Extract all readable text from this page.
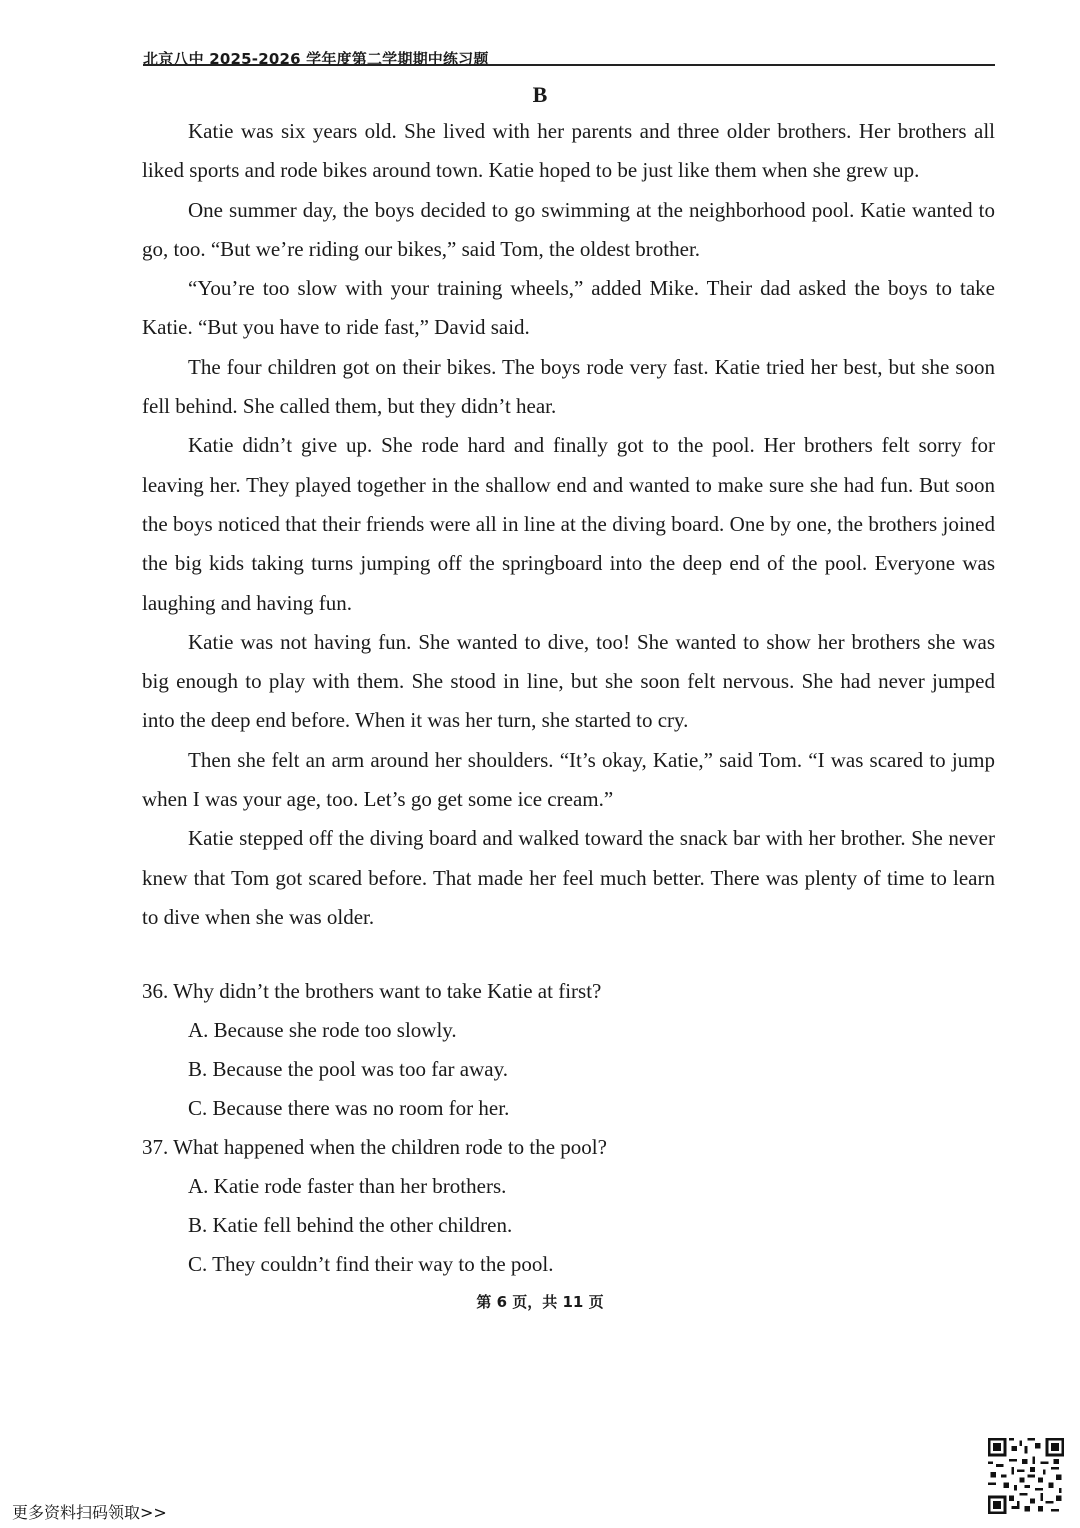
北京八中 2025-2026 学年度第二学期期中练习题
B

Katie was six years old. She lived with her parents and three older brothers. Her brothers all liked sports and rode bikes around town. Katie hoped to be just like them when she grew up.

One summer day, the boys decided to go swimming at the neighborhood pool. Katie wanted to go, too. “But we’re riding our bikes,” said Tom, the oldest brother.

“You’re too slow with your training wheels,” added Mike. Their dad asked the boys to take Katie. “But you have to ride fast,” David said.

The four children got on their bikes. The boys rode very fast. Katie tried her best, but she soon fell behind. She called them, but they didn’t hear.

Katie didn’t give up. She rode hard and finally got to the pool. Her brothers felt sorry for leaving her. They played together in the shallow end and wanted to make sure she had fun. But soon the boys noticed that their friends were all in line at the diving board. One by one, the brothers joined the big kids taking turns jumping off the springboard into the deep end of the pool. Everyone was laughing and having fun.

Katie was not having fun. She wanted to dive, too! She wanted to show her brothers she was big enough to play with them. She stood in line, but she soon felt nervous. She had never jumped into the deep end before. When it was her turn, she started to cry.

Then she felt an arm around her shoulders. “It’s okay, Katie,” said Tom. “I was scared to jump when I was your age, too. Let’s go get some ice cream.”

Katie stepped off the diving board and walked toward the snack bar with her brother. She never knew that Tom got scared before. That made her feel much better. There was plenty of time to learn to dive when she was older.

36. Why didn’t the brothers want to take Katie at first?
A. Because she rode too slowly.
B. Because the pool was too far away.
C. Because there was no room for her.
37. What happened when the children rode to the pool?
A. Katie rode faster than her brothers.
B. Katie fell behind the other children.
C. They couldn’t find their way to the pool.
第 6 页，共 11 页
更多资料扫码领取>>
